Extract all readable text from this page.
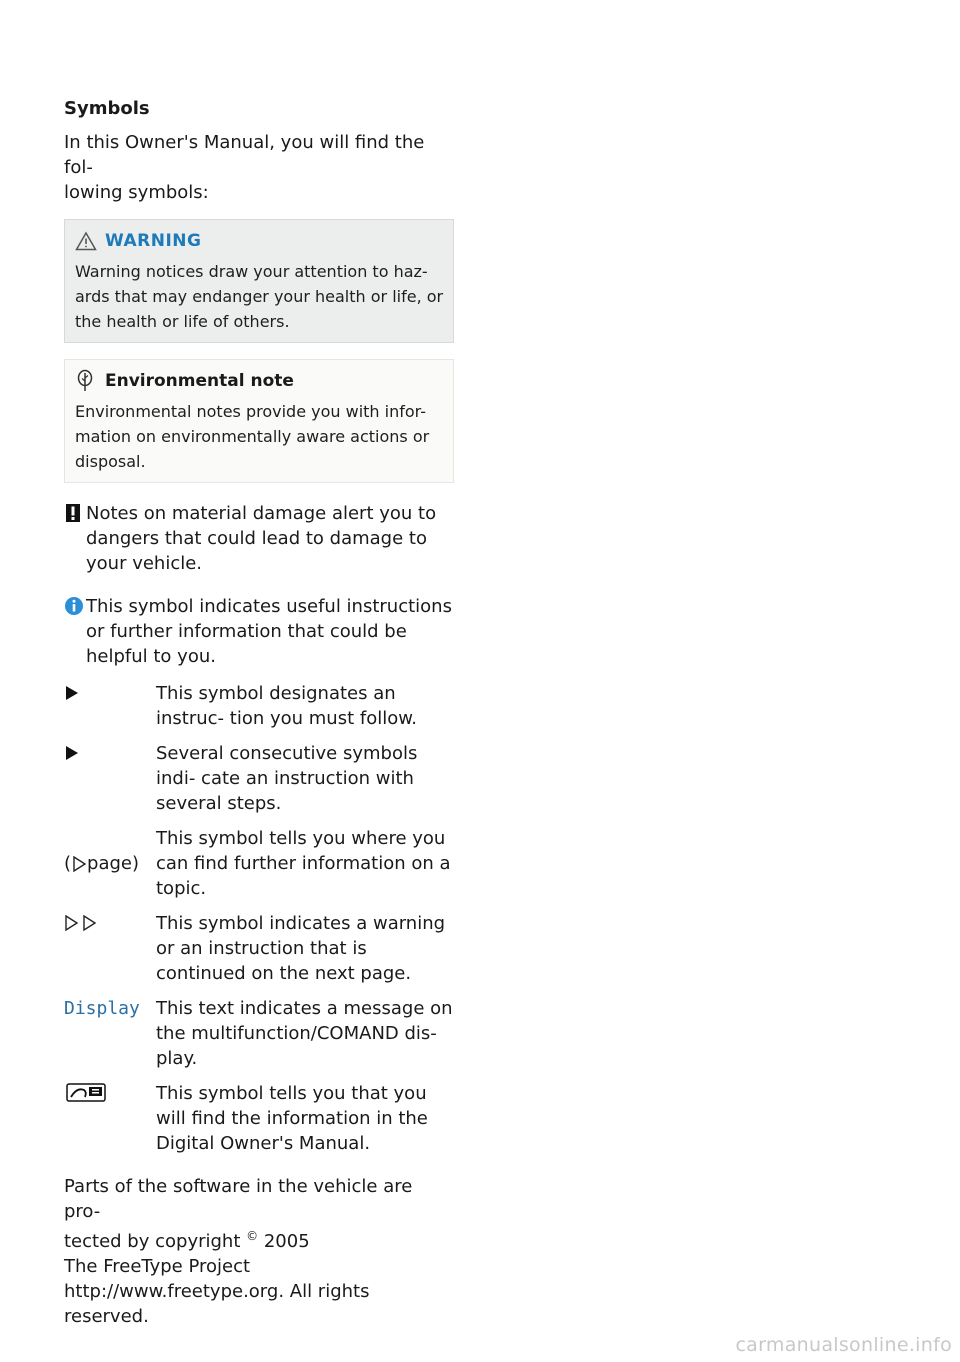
Symbols

In this Owner's Manual, you will find the fol-

lowing symbols:

WARNING
Warning notices draw your attention to haz- ards that may endanger your health or life, or the health or life of others.
Environmental note
Environmental notes provide you with infor- mation on environmentally aware actions or disposal.
Notes on material damage alert you to dangers that could lead to damage to your vehicle.
This symbol indicates useful instructions or further information that could be helpful to you.
This symbol designates an instruc- tion you must follow.
Several consecutive symbols indi- cate an instruction with several steps.
( page)
This symbol tells you where you can find further information on a topic.
This symbol indicates a warning or an instruction that is continued on the next page.
Display This text indicates a message on the multifunction/COMAND dis- play.
This symbol tells you that you will find the information in the Digital Owner's Manual.
Parts of the software in the vehicle are pro-
tected by copyright © 2005
The FreeType Project
http://www.freetype.org. All rights
reserved.
carmanualsonline.info
